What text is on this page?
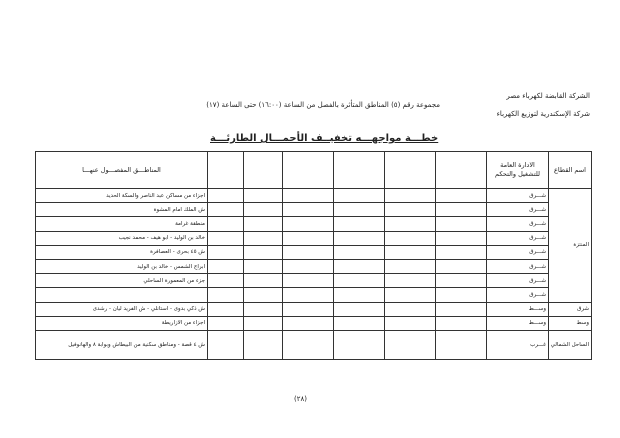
الشركة القابضة لكهرباء مصر
شركة الإسكندرية لتوزيع الكهرباء
مجموعة رقم (٥) المناطق المتأثرة بالفصل من الساعة (١٦:٠٠) حتى الساعة (١٧)
خطـــة مواجهـــه تخفيــف الأحمـــال الطارئـــة
اسم القطاع	الادارة العامة للتشغيل والتحكم							المناطـــق المفصـــول عنهـــا
المنتزة	شـــرق							اجزاء من مساكن عبد الناصر والسكة الحديد
	شـــرق							ش الملك امام المشوة
	شـــرق							منطقة غرامة
	شـــرق							خالد بن الوليد - ابو هيف - محمد نجيب
	شـــرق							ش ٤٥ بحرى - العصافرة
	شـــرق							ابراج الشمس - خالد بن الوليد
	شـــرق							جزء من المعمورة الساحلي
	شـــرق							
شرق	وســـط							ش ذكي بدوى - استانلي - ش الفريد ليان - رشدى
وسط	وســـط							اجزاء من الازاريطة
الساحل الشمالي	غـــرب							ش ٤ قصة - ومناطق سكنية من البيطاش وبوابة ٨ والهانوفيل
(٢٨)
